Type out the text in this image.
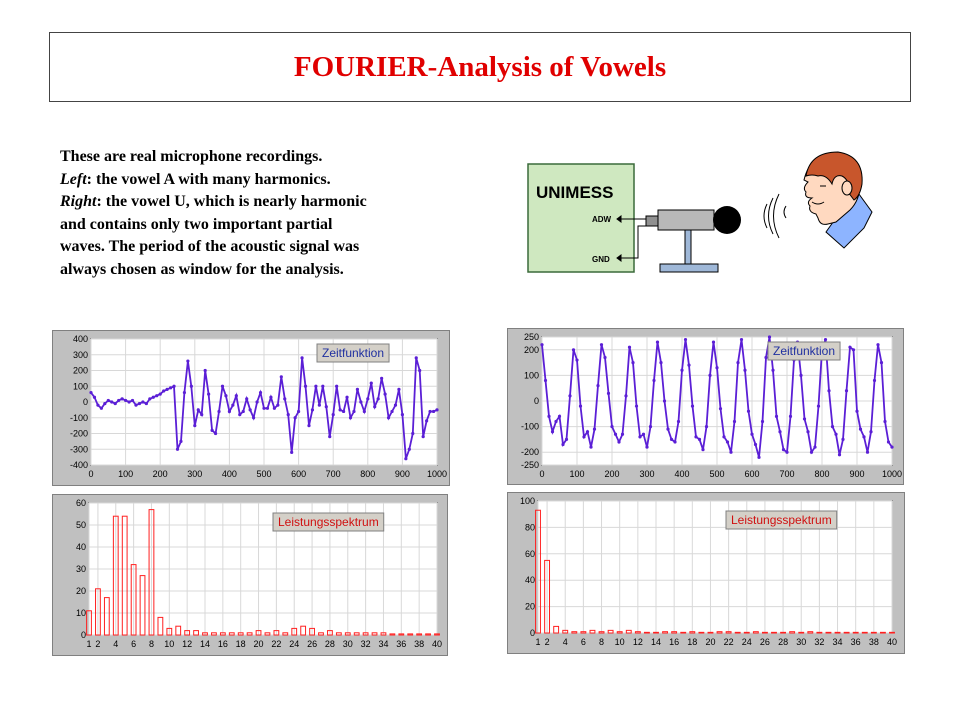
FOURIER-Analysis of Vowels
These are real microphone recordings.
Left: the vowel A with many harmonics.
Right: the vowel U, which is nearly harmonic
and contains only two important partial
waves. The period of the acoustic signal was
always chosen as window for the analysis.
UNIMESS
ADW
GND
0	100 200 300 400 500 600 700 800 900 1000
400
300
200
100
0
-100
-200
-300
-400
Zeitfunktion
1 2 4 6 8 10 12 14 16 18 20 22 24 26 28 30 32 34 36 38 40
60
50
40
30
20
10
0
Leistungsspektrum
0	100 200 300 400 500 600 700 800 900 1000
250
200
100
0
-100
-200
-250
Zeitfunktion
1 2 4 6 8 10 12 14 16 18 20 22 24 26 28 30 32 34 36 38 40
100
80
60
40
20
0
Leistungsspektrum
